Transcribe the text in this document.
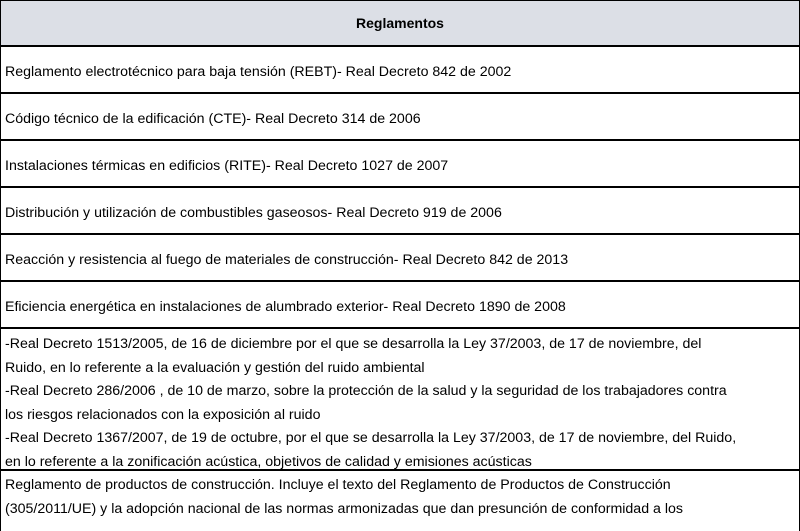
Reglamentos
Reglamento electrotécnico para baja tensión (REBT)- Real Decreto 842 de 2002
Código técnico de la edificación (CTE)- Real Decreto 314 de 2006
Instalaciones térmicas en edificios (RITE)- Real Decreto 1027 de 2007
Distribución y utilización de combustibles gaseosos- Real Decreto 919 de 2006
Reacción y resistencia al fuego de materiales de construcción- Real Decreto 842 de 2013
Eficiencia energética en instalaciones de alumbrado exterior- Real Decreto 1890 de 2008
-Real Decreto 1513/2005, de 16 de diciembre por el que se desarrolla la Ley 37/2003, de 17 de noviembre, del
Ruido, en lo referente a la evaluación y gestión del ruido ambiental
-Real Decreto 286/2006 , de 10 de marzo, sobre la protección de la salud y la seguridad de los trabajadores contra
los riesgos relacionados con la exposición al ruido
-Real Decreto 1367/2007, de 19 de octubre, por el que se desarrolla la Ley 37/2003, de 17 de noviembre, del Ruido,
en lo referente a la zonificación acústica, objetivos de calidad y emisiones acústicas
Reglamento de productos de construcción. Incluye el texto del Reglamento de Productos de Construcción
(305/2011/UE) y la adopción nacional de las normas armonizadas que dan presunción de conformidad a los
